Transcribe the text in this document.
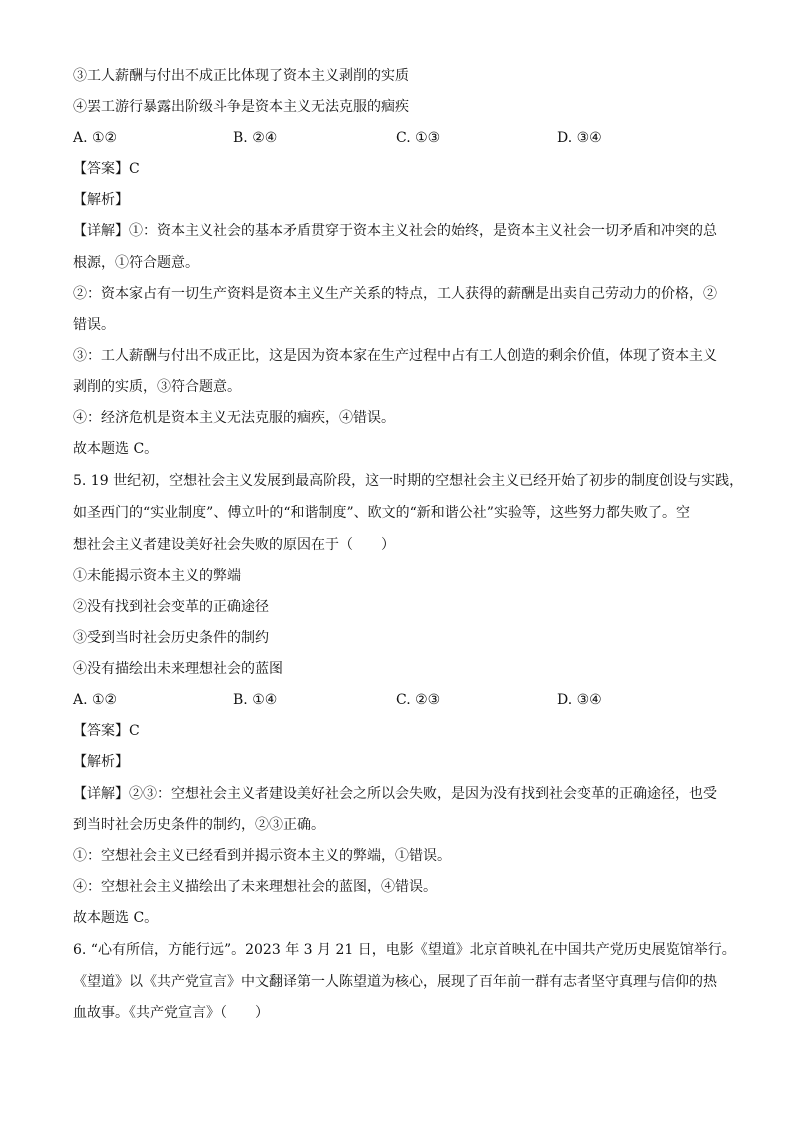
③工人薪酬与付出不成正比体现了资本主义剥削的实质
④罢工游行暴露出阶级斗争是资本主义无法克服的痼疾
A. ①②	B. ②④	C. ①③	D. ③④
【答案】C
【解析】
【详解】①：资本主义社会的基本矛盾贯穿于资本主义社会的始终，是资本主义社会一切矛盾和冲突的总
根源，①符合题意。
②：资本家占有一切生产资料是资本主义生产关系的特点，工人获得的薪酬是出卖自己劳动力的价格，②
错误。
③：工人薪酬与付出不成正比，这是因为资本家在生产过程中占有工人创造的剩余价值，体现了资本主义
剥削的实质，③符合题意。
④：经济危机是资本主义无法克服的痼疾，④错误。
故本题选 C。
5. 19 世纪初，空想社会主义发展到最高阶段，这一时期的空想社会主义已经开始了初步的制度创设与实践，
如圣西门的“实业制度”、傅立叶的“和谐制度”、欧文的“新和谐公社”实验等，这些努力都失败了。空
想社会主义者建设美好社会失败的原因在于（　　）
①未能揭示资本主义的弊端
②没有找到社会变革的正确途径
③受到当时社会历史条件的制约
④没有描绘出未来理想社会的蓝图
A. ①②	B. ①④	C. ②③	D. ③④
【答案】C
【解析】
【详解】②③：空想社会主义者建设美好社会之所以会失败，是因为没有找到社会变革的正确途径，也受
到当时社会历史条件的制约，②③正确。
①：空想社会主义已经看到并揭示资本主义的弊端，①错误。
④：空想社会主义描绘出了未来理想社会的蓝图，④错误。
故本题选 C。
6. “心有所信，方能行远”。2023 年 3 月 21 日，电影《望道》北京首映礼在中国共产党历史展览馆举行。
《望道》以《共产党宣言》中文翻译第一人陈望道为核心，展现了百年前一群有志者坚守真理与信仰的热
血故事。《共产党宣言》（　　）
